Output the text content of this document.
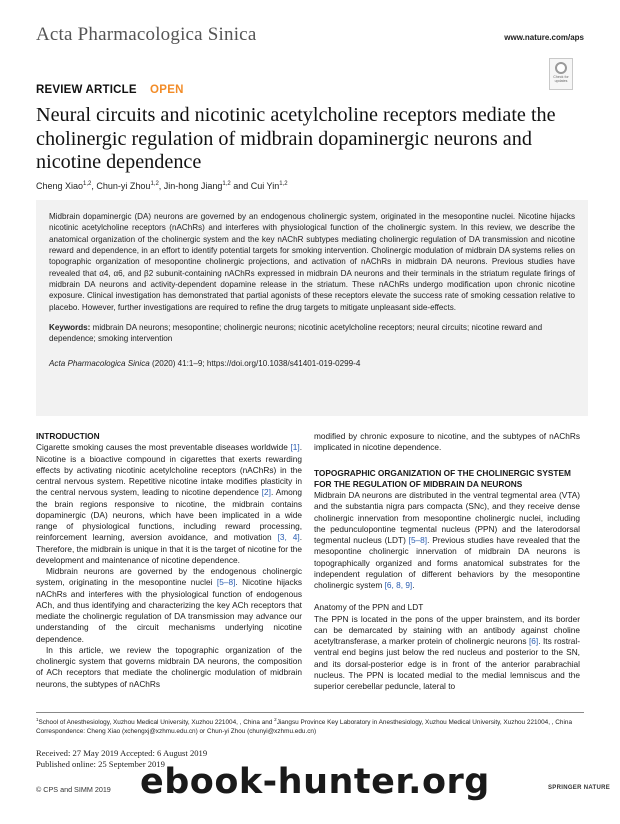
Acta Pharmacologica Sinica	www.nature.com/aps
Check for updates
REVIEW ARTICLE OPEN
Neural circuits and nicotinic acetylcholine receptors mediate the cholinergic regulation of midbrain dopaminergic neurons and nicotine dependence
Cheng Xiao$^{1,2}$, Chun-yi Zhou$^{1,2}$, Jin-hong Jiang$^{1,2}$ and Cui Yin$^{1,2}$

Midbrain dopaminergic (DA) neurons are governed by an endogenous cholinergic system, originated in the mesopontine nuclei. Nicotine hijacks nicotinic acetylcholine receptors (nAChRs) and interferes with physiological function of the cholinergic system. In this review, we describe the anatomical organization of the cholinergic system and the key nAChR subtypes mediating cholinergic regulation of DA transmission and nicotine reward and dependence, in an effort to identify potential targets for smoking intervention. Cholinergic modulation of midbrain DA systems relies on topographic organization of mesopontine cholinergic projections, and activation of nAChRs in midbrain DA neurons. Previous studies have revealed that α4, α6, and β2 subunit-containing nAChRs expressed in midbrain DA neurons and their terminals in the striatum regulate firings of midbrain DA neurons and activity-dependent dopamine release in the striatum. These nAChRs undergo modification upon chronic nicotine exposure. Clinical investigation has demonstrated that partial agonists of these receptors elevate the success rate of smoking cessation relative to placebo. However, further investigations are required to refine the drug targets to mitigate unpleasant side-effects.

Keywords: midbrain DA neurons; mesopontine; cholinergic neurons; nicotinic acetylcholine receptors; neural circuits; nicotine reward and dependence; smoking intervention

Acta Pharmacologica Sinica (2020) 41:1–9; https://doi.org/10.1038/s41401-019-0299-4

INTRODUCTION

Cigarette smoking causes the most preventable diseases worldwide [1]. Nicotine is a bioactive compound in cigarettes that exerts rewarding effects by activating nicotinic acetylcholine receptors (nAChRs) in the central nervous system. Repetitive nicotine intake modifies plasticity in the central nervous system, leading to nicotine dependence [2]. Among the brain regions responsive to nicotine, the midbrain contains dopaminergic (DA) neurons, which have been implicated in a wide range of physiological functions, including reward processing, reinforcement learning, aversion avoidance, and motivation [3, 4]. Therefore, the midbrain is unique in that it is the target of nicotine for the development and maintenance of nicotine dependence.

Midbrain neurons are governed by the endogenous cholinergic system, originating in the mesopontine nuclei [5–8]. Nicotine hijacks nAChRs and interferes with the physiological function of endogenous ACh, and thus identifying and characterizing the key ACh receptors that mediate the cholinergic regulation of DA transmission may advance our understanding of the circuit mechanisms underlying nicotine dependence.

In this article, we review the topographic organization of the cholinergic system that governs midbrain DA neurons, the composition of ACh receptors that mediate the cholinergic modulation of midbrain neurons, the subtypes of nAChRs

modified by chronic exposure to nicotine, and the subtypes of nAChRs implicated in nicotine dependence.

TOPOGRAPHIC ORGANIZATION OF THE CHOLINERGIC SYSTEM FOR THE REGULATION OF MIDBRAIN DA NEURONS

Midbrain DA neurons are distributed in the ventral tegmental area (VTA) and the substantia nigra pars compacta (SNc), and they receive dense cholinergic innervation from mesopontine cholinergic nuclei, including the pedunculopontine tegmental nucleus (PPN) and the laterodorsal tegmental nucleus (LDT) [5–8]. Previous studies have revealed that the mesopontine cholinergic innervation of midbrain DA neurons is topographically organized and forms anatomical substrates for the independent regulation of different behaviors by the mesopontine cholinergic system [6, 8, 9].

Anatomy of the PPN and LDT

The PPN is located in the pons of the upper brainstem, and its border can be demarcated by staining with an antibody against choline acetyltransferase, a marker protein of cholinergic neurons [6]. Its rostral-ventral end begins just below the red nucleus and posterior to the SN, and its dorsal-posterior edge is in front of the anterior parabrachial nucleus. The PPN is located medial to the medial lemniscus and the superior cerebellar peduncle, lateral to

$^1$School of Anesthesiology, Xuzhou Medical University, Xuzhou 221004, , China and $^2$Jiangsu Province Key Laboratory in Anesthesiology, Xuzhou Medical University, Xuzhou 221004, , China
Correspondence: Cheng Xiao (xchengxj@xzhmu.edu.cn) or Chun-yi Zhou (chunyi@xzhmu.edu.cn)
Received: 27 May 2019 Accepted: 6 August 2019
Published online: 25 September 2019
© CPS and SIMM 2019	SPRINGER NATURE
ebook-hunter.org
